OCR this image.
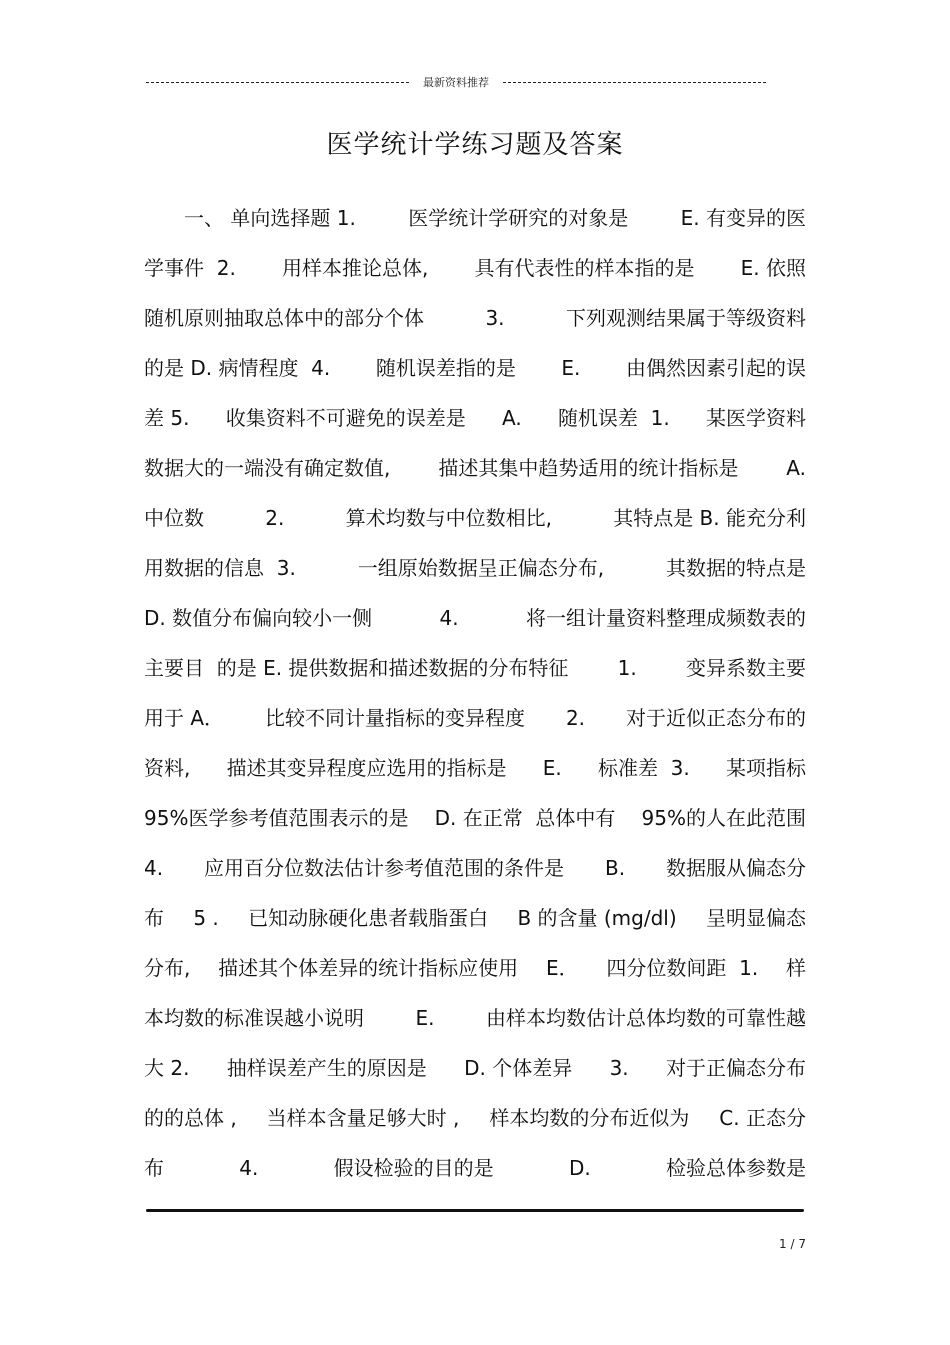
最新资料推荐
医学统计学练习题及答案
一、 单向选择题 1.	医学统计学研究的对象是	E. 有变异的医
学事件  2. 用样本推论总体, 具有代表性的样本指的是 E. 依照
随机原则抽取总体中的部分个体	3.	下列观测结果属于等级资料
的是 D. 病情程度  4. 随机误差指的是 E. 由偶然因素引起的误
差 5. 收集资料不可避免的误差是 A. 随机误差  1. 某医学资料
数据大的一端没有确定数值, 描述其集中趋势适用的统计指标是 A.
中位数	2.	算术均数与中位数相比,	其特点是 B. 能充分利
用数据的信息  3.	一组原始数据呈正偏态分布,	其数据的特点是
D. 数值分布偏向较小一侧	4.	将一组计量资料整理成频数表的
主要目  的是 E. 提供数据和描述数据的分布特征 1. 变异系数主要
用于 A． 比较不同计量指标的变异程度 2. 对于近似正态分布的
资料, 描述其变异程度应选用的指标是 E. 标准差  3. 某项指标
95%医学参考值范围表示的是 D. 在正常  总体中有 95%的人在此范围
4. 应用百分位数法估计参考值范围的条件是 B. 数据服从偏态分
布 5 . 已知动脉硬化患者载脂蛋白 B 的含量 (mg/dl) 呈明显偏态
分布, 描述其个体差异的统计指标应使用 E． 四分位数间距  1. 样
本均数的标准误越小说明	E.	由样本均数估计总体均数的可靠性越
大 2. 抽样误差产生的原因是 D. 个体差异 3. 对于正偏态分布
的的总体 , 当样本含量足够大时 , 样本均数的分布近似为 C. 正态分
布	4.	假设检验的目的是	D.	检验总体参数是
1 / 7
